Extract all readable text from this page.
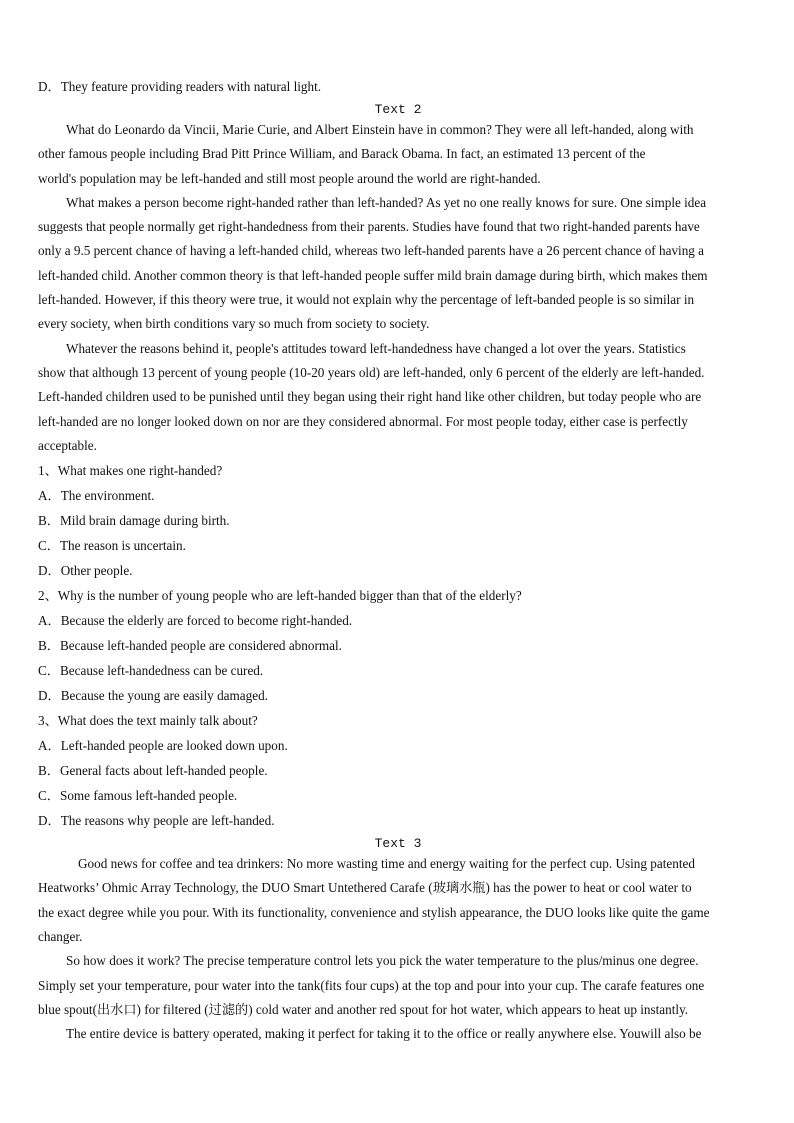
D．They feature providing readers with natural light.
Text 2
What do Leonardo da Vincii, Marie Curie, and Albert Einstein have in common? They were all left-handed, along with
other famous people including Brad Pitt Prince William, and Barack Obama. In fact, an estimated 13 percent of the
world's population may be left-handed and still most people around the world are right-handed.
What makes a person become right-handed rather than left-handed? As yet no one really knows for sure. One simple idea
suggests that people normally get right-handedness from their parents. Studies have found that two right-handed parents have
only a 9.5 percent chance of having a left-handed child, whereas two left-handed parents have a 26 percent chance of having a
left-handed child. Another common theory is that left-handed people suffer mild brain damage during birth, which makes them
left-handed. However, if this theory were true, it would not explain why the percentage of left-banded people is so similar in
every society, when birth conditions vary so much from society to society.
Whatever the reasons behind it, people's attitudes toward left-handedness have changed a lot over the years. Statistics
show that although 13 percent of young people (10-20 years old) are left-handed, only 6 percent of the elderly are left-handed.
Left-handed children used to be punished until they began using their right hand like other children, but today people who are
left-handed are no longer looked down on nor are they considered abnormal. For most people today, either case is perfectly
acceptable.
1、What makes one right-handed?
A．The environment.
B．Mild brain damage during birth.
C．The reason is uncertain.
D．Other people.
2、Why is the number of young people who are left-handed bigger than that of the elderly?
A．Because the elderly are forced to become right-handed.
B．Because left-handed people are considered abnormal.
C．Because left-handedness can be cured.
D．Because the young are easily damaged.
3、What does the text mainly talk about?
A．Left-handed people are looked down upon.
B．General facts about left-handed people.
C．Some famous left-handed people.
D．The reasons why people are left-handed.
Text 3
Good news for coffee and tea drinkers: No more wasting time and energy waiting for the perfect cup. Using patented
Heatworks’ Ohmic Array Technology, the DUO Smart Untethered Carafe (玻璃水瓶) has the power to heat or cool water to
the exact degree while you pour. With its functionality, convenience and stylish appearance, the DUO looks like quite the game
changer.
So how does it work? The precise temperature control lets you pick the water temperature to the plus/minus one degree.
Simply set your temperature, pour water into the tank(fits four cups) at the top and pour into your cup. The carafe features one
blue spout(出水口) for filtered (过滤的) cold water and another red spout for hot water, which appears to heat up instantly.
The entire device is battery operated, making it perfect for taking it to the office or really anywhere else. Youwill also be
